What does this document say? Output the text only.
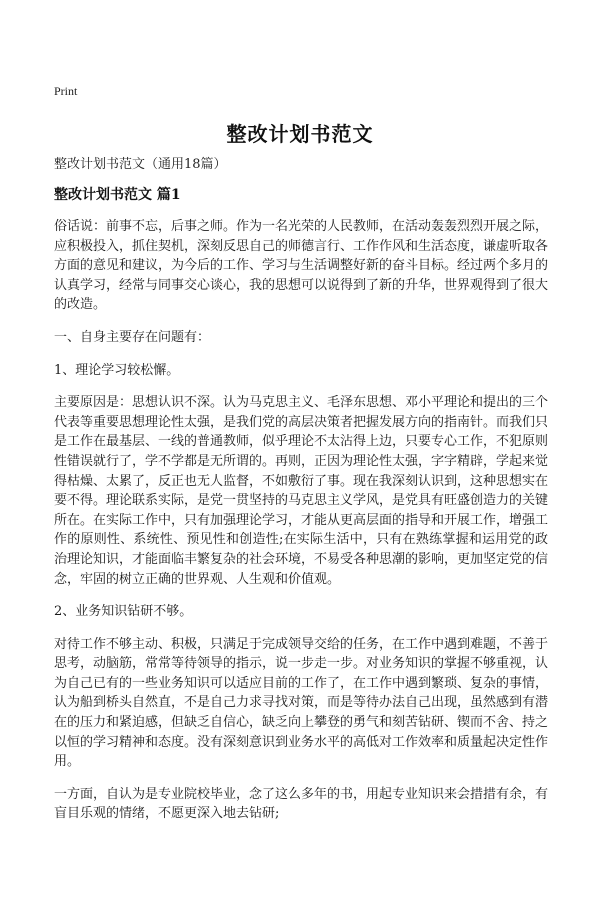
Print
整改计划书范文
整改计划书范文（通用18篇）
整改计划书范文 篇1

俗话说：前事不忘，后事之师。作为一名光荣的人民教师，在活动轰轰烈烈开展之际，应积极投入，抓住契机，深刻反思自己的师德言行、工作作风和生活态度，谦虚听取各方面的意见和建议，为今后的工作、学习与生活调整好新的奋斗目标。经过两个多月的认真学习，经常与同事交心谈心，我的思想可以说得到了新的升华，世界观得到了很大的改造。

一、自身主要存在问题有：

1、理论学习较松懈。

主要原因是：思想认识不深。认为马克思主义、毛泽东思想、邓小平理论和提出的三个代表等重要思想理论性太强，是我们党的高层决策者把握发展方向的指南针。而我们只是工作在最基层、一线的普通教师，似乎理论不太沾得上边，只要专心工作，不犯原则性错误就行了，学不学都是无所谓的。再则，正因为理论性太强，字字精辟，学起来觉得枯燥、太累了，反正也无人监督，不如敷衍了事。现在我深刻认识到，这种思想实在要不得。理论联系实际，是党一贯坚持的马克思主义学风，是党具有旺盛创造力的关键所在。在实际工作中，只有加强理论学习，才能从更高层面的指导和开展工作，增强工作的原则性、系统性、预见性和创造性;在实际生活中，只有在熟练掌握和运用党的政治理论知识，才能面临丰繁复杂的社会环境，不易受各种思潮的影响，更加坚定党的信念，牢固的树立正确的世界观、人生观和价值观。

2、业务知识钻研不够。

对待工作不够主动、积极，只满足于完成领导交给的任务，在工作中遇到难题，不善于思考，动脑筋，常常等待领导的指示，说一步走一步。对业务知识的掌握不够重视，认为自己已有的一些业务知识可以适应目前的工作了，在工作中遇到繁琐、复杂的事情，认为船到桥头自然直，不是自己力求寻找对策，而是等待办法自己出现，虽然感到有潜在的压力和紧迫感，但缺乏自信心，缺乏向上攀登的勇气和刻苦钻研、锲而不舍、持之以恒的学习精神和态度。没有深刻意识到业务水平的高低对工作效率和质量起决定性作用。

一方面，自认为是专业院校毕业，念了这么多年的书，用起专业知识来会措措有余，有盲目乐观的情绪，不愿更深入地去钻研;
